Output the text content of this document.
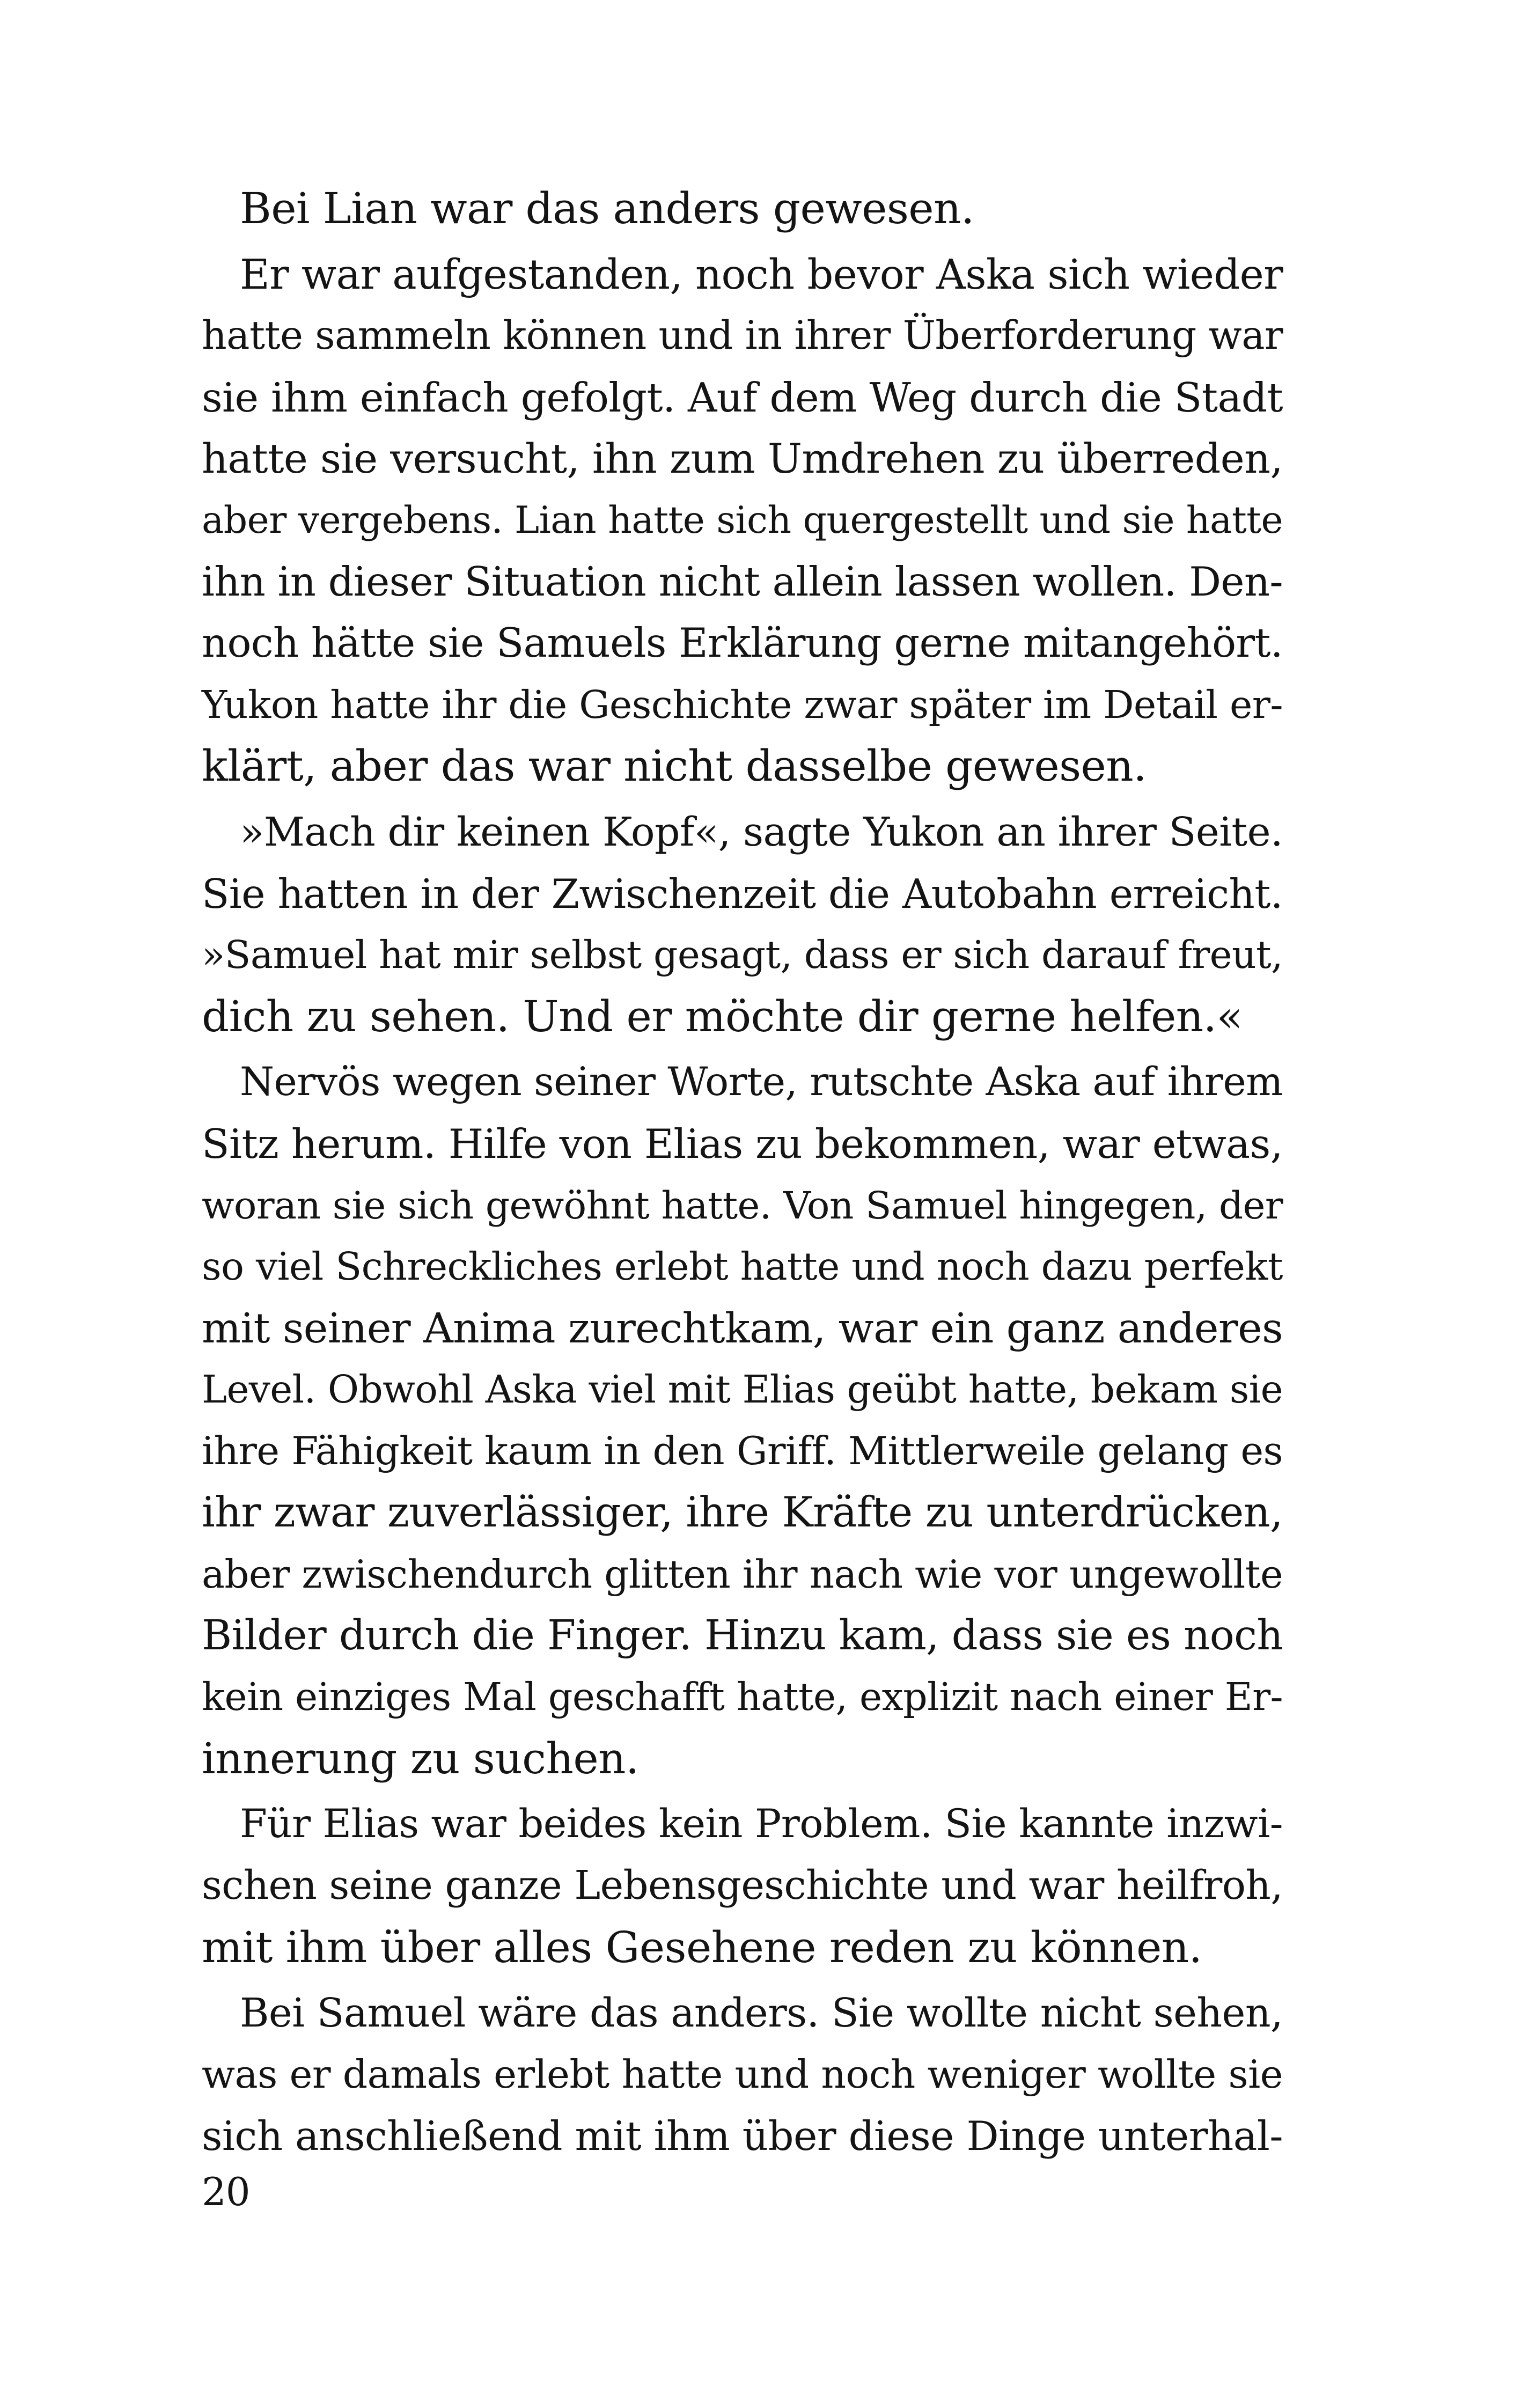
Bei Lian war das anders gewesen.
Er war aufgestanden, noch bevor Aska sich wieder
hatte sammeln können und in ihrer Überforderung war
sie ihm einfach gefolgt. Auf dem Weg durch die Stadt
hatte sie versucht, ihn zum Umdrehen zu überreden,
aber vergebens. Lian hatte sich quergestellt und sie hatte
ihn in dieser Situation nicht allein lassen wollen. Den-
noch hätte sie Samuels Erklärung gerne mitangehört.
Yukon hatte ihr die Geschichte zwar später im Detail er-
klärt, aber das war nicht dasselbe gewesen.
»Mach dir keinen Kopf«, sagte Yukon an ihrer Seite.
Sie hatten in der Zwischenzeit die Autobahn erreicht.
»Samuel hat mir selbst gesagt, dass er sich darauf freut,
dich zu sehen. Und er möchte dir gerne helfen.«
Nervös wegen seiner Worte, rutschte Aska auf ihrem
Sitz herum. Hilfe von Elias zu bekommen, war etwas,
woran sie sich gewöhnt hatte. Von Samuel hingegen, der
so viel Schreckliches erlebt hatte und noch dazu perfekt
mit seiner Anima zurechtkam, war ein ganz anderes
Level. Obwohl Aska viel mit Elias geübt hatte, bekam sie
ihre Fähigkeit kaum in den Griff. Mittlerweile gelang es
ihr zwar zuverlässiger, ihre Kräfte zu unterdrücken,
aber zwischendurch glitten ihr nach wie vor ungewollte
Bilder durch die Finger. Hinzu kam, dass sie es noch
kein einziges Mal geschafft hatte, explizit nach einer Er-
innerung zu suchen.
Für Elias war beides kein Problem. Sie kannte inzwi-
schen seine ganze Lebensgeschichte und war heilfroh,
mit ihm über alles Gesehene reden zu können.
Bei Samuel wäre das anders. Sie wollte nicht sehen,
was er damals erlebt hatte und noch weniger wollte sie
sich anschließend mit ihm über diese Dinge unterhal-
20
